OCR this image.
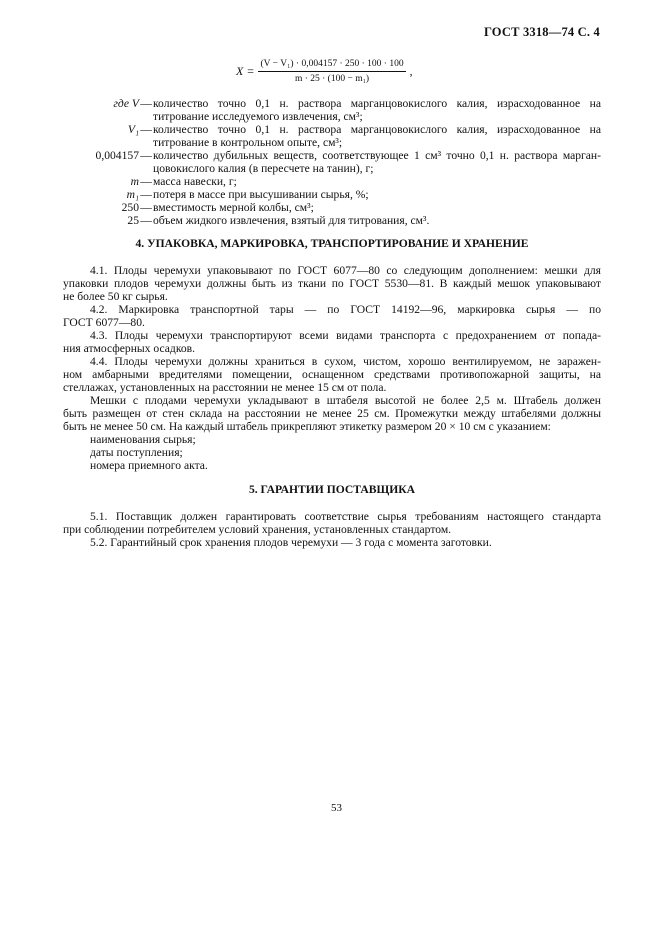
ГОСТ 3318—74 С. 4
$X = \frac{\text{(V − V₁) · 0,004157 · 250 · 100 · 100}}{\text{m · 25 · (100 − m₁)}}$ ,
где V — количество точно 0,1 н. раствора марганцовокислого калия, израсходованное на
титрование исследуемого извлечения, см³;
V₁ — количество точно 0,1 н. раствора марганцовокислого калия, израсходованное на
титрование в контрольном опыте, см³;
0,004157 — количество дубильных веществ, соответствующее 1 см³ точно 0,1 н. раствора марган-
цовокислого калия (в пересчете на танин), г;
m — масса навески, г;
m₁ — потеря в массе при высушивании сырья, %;
250 — вместимость мерной колбы, см³;
25 — объем жидкого извлечения, взятый для титрования, см³.
4. УПАКОВКА, МАРКИРОВКА, ТРАНСПОРТИРОВАНИЕ И ХРАНЕНИЕ
4.1. Плоды черемухи упаковывают по ГОСТ 6077—80 со следующим дополнением: мешки для
упаковки плодов черемухи должны быть из ткани по ГОСТ 5530—81. В каждый мешок упаковывают
не более 50 кг сырья.
4.2. Маркировка транспортной тары — по ГОСТ 14192—96, маркировка сырья — по
ГОСТ 6077—80.
4.3. Плоды черемухи транспортируют всеми видами транспорта с предохранением от попада-
ния атмосферных осадков.
4.4. Плоды черемухи должны храниться в сухом, чистом, хорошо вентилируемом, не заражен-
ном амбарными вредителями помещении, оснащенном средствами противопожарной защиты, на
стеллажах, установленных на расстоянии не менее 15 см от пола.
Мешки с плодами черемухи укладывают в штабеля высотой не более 2,5 м. Штабель должен
быть размещен от стен склада на расстоянии не менее 25 см. Промежутки между штабелями должны
быть не менее 50 см. На каждый штабель прикрепляют этикетку размером 20 × 10 см с указанием:
наименования сырья;
даты поступления;
номера приемного акта.
5. ГАРАНТИИ ПОСТАВЩИКА
5.1. Поставщик должен гарантировать соответствие сырья требованиям настоящего стандарта
при соблюдении потребителем условий хранения, установленных стандартом.
5.2. Гарантийный срок хранения плодов черемухи — 3 года с момента заготовки.
53
